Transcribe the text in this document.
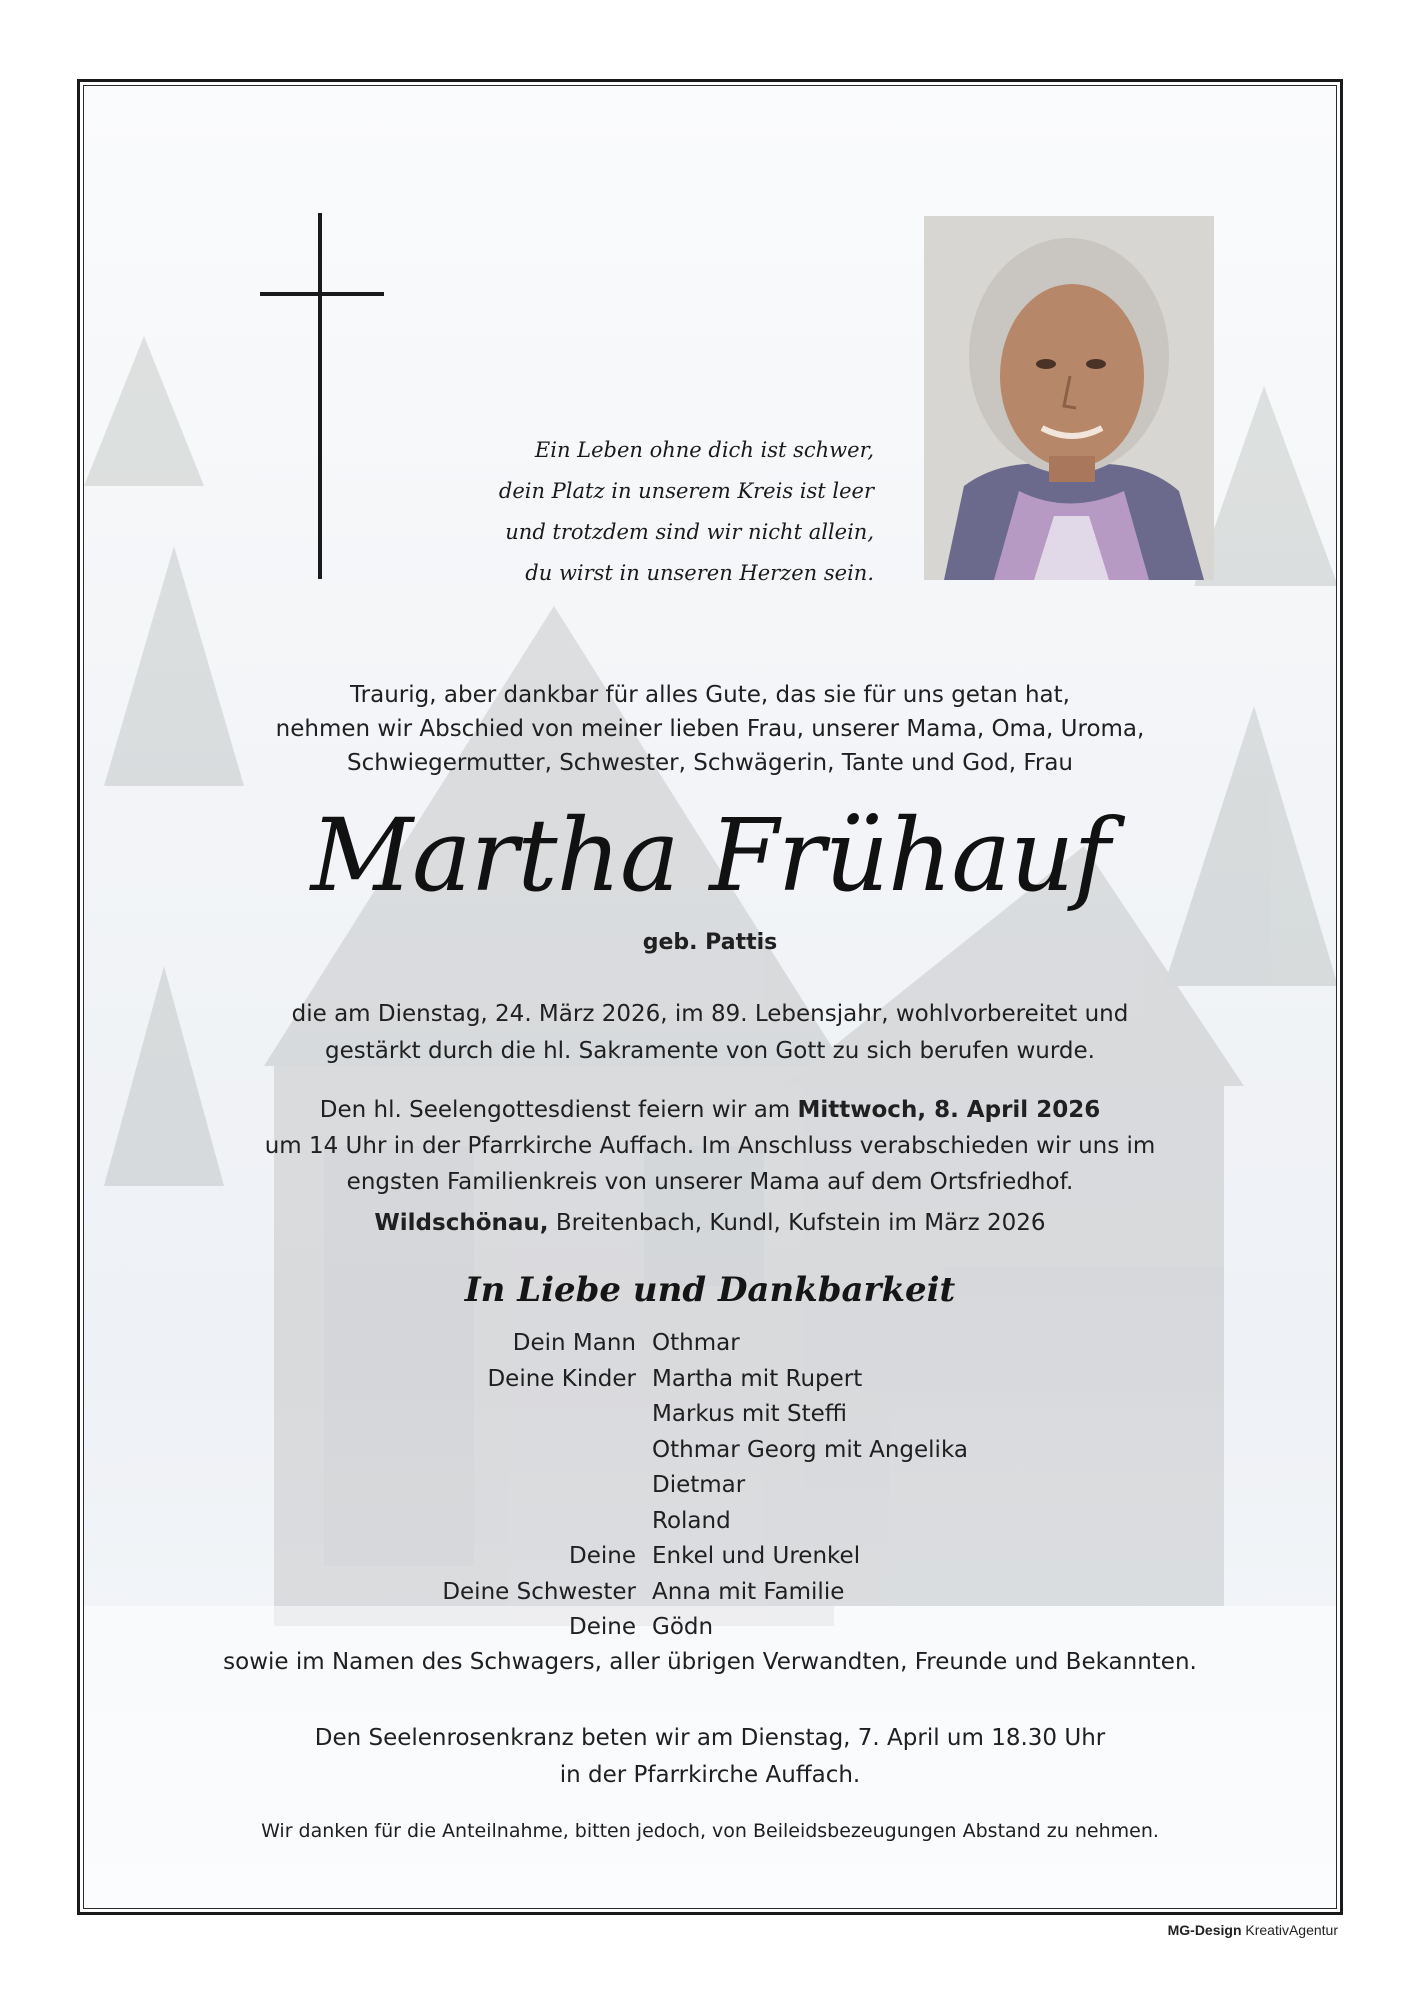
Ein Leben ohne dich ist schwer,
dein Platz in unserem Kreis ist leer
und trotzdem sind wir nicht allein,
du wirst in unseren Herzen sein.
Traurig, aber dankbar für alles Gute, das sie für uns getan hat,
nehmen wir Abschied von meiner lieben Frau, unserer Mama, Oma, Uroma,
Schwiegermutter, Schwester, Schwägerin, Tante und God, Frau
Martha Frühauf
geb. Pattis
die am Dienstag, 24. März 2026, im 89. Lebensjahr, wohlvorbereitet und
gestärkt durch die hl. Sakramente von Gott zu sich berufen wurde.
Den hl. Seelengottesdienst feiern wir am Mittwoch, 8. April 2026
um 14 Uhr in der Pfarrkirche Auffach. Im Anschluss verabschieden wir uns im
engsten Familienkreis von unserer Mama auf dem Ortsfriedhof.
Wildschönau, Breitenbach, Kundl, Kufstein im März 2026
In Liebe und Dankbarkeit
Dein Mann Othmar
Deine Kinder Martha mit Rupert
Markus mit Steffi
Othmar Georg mit Angelika
Dietmar
Roland
Deine Enkel und Urenkel
Deine Schwester Anna mit Familie
Deine Gödn
sowie im Namen des Schwagers, aller übrigen Verwandten, Freunde und Bekannten.
Den Seelenrosenkranz beten wir am Dienstag, 7. April um 18.30 Uhr
in der Pfarrkirche Auffach.
Wir danken für die Anteilnahme, bitten jedoch, von Beileidsbezeugungen Abstand zu nehmen.
MG-Design KreativAgentur
